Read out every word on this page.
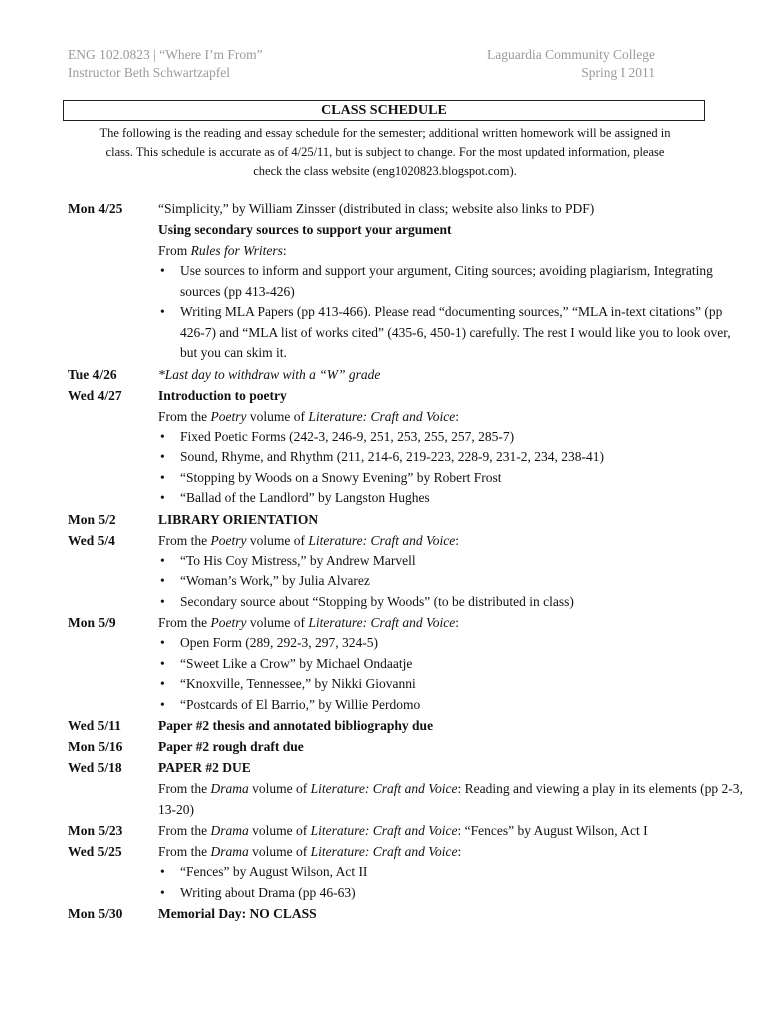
ENG 102.0823 | “Where I’m From”
Instructor Beth Schwartzapfel
Laguardia Community College
Spring I 2011
CLASS SCHEDULE
The following is the reading and essay schedule for the semester; additional written homework will be assigned in
class. This schedule is accurate as of 4/25/11, but is subject to change. For the most updated information, please
check the class website (eng1020823.blogspot.com).
Mon 4/25	“Simplicity,” by William Zinsser (distributed in class; website also links to PDF)
Using secondary sources to support your argument
From Rules for Writers:
• Use sources to inform and support your argument, Citing sources; avoiding plagiarism, Integrating sources (pp 413-426)
• Writing MLA Papers (pp 413-466). Please read “documenting sources,” “MLA in-text citations” (pp 426-7) and “MLA list of works cited” (435-6, 450-1) carefully. The rest I would like you to look over, but you can skim it.
Tue 4/26	*Last day to withdraw with a “W” grade
Wed 4/27	Introduction to poetry
From the Poetry volume of Literature: Craft and Voice:
• Fixed Poetic Forms (242-3, 246-9, 251, 253, 255, 257, 285-7)
• Sound, Rhyme, and Rhythm (211, 214-6, 219-223, 228-9, 231-2, 234, 238-41)
• “Stopping by Woods on a Snowy Evening” by Robert Frost
• “Ballad of the Landlord” by Langston Hughes
Mon 5/2	LIBRARY ORIENTATION
Wed 5/4	From the Poetry volume of Literature: Craft and Voice:
• “To His Coy Mistress,” by Andrew Marvell
• “Woman’s Work,” by Julia Alvarez
• Secondary source about “Stopping by Woods” (to be distributed in class)
Mon 5/9	From the Poetry volume of Literature: Craft and Voice:
• Open Form (289, 292-3, 297, 324-5)
• “Sweet Like a Crow” by Michael Ondaatje
• “Knoxville, Tennessee,” by Nikki Giovanni
• “Postcards of El Barrio,” by Willie Perdomo
Wed 5/11	Paper #2 thesis and annotated bibliography due
Mon 5/16	Paper #2 rough draft due
Wed 5/18	PAPER #2 DUE
From the Drama volume of Literature: Craft and Voice: Reading and viewing a play in its elements (pp 2-3, 13-20)
Mon 5/23	From the Drama volume of Literature: Craft and Voice: “Fences” by August Wilson, Act I
Wed 5/25	From the Drama volume of Literature: Craft and Voice:
• “Fences” by August Wilson, Act II
• Writing about Drama (pp 46-63)
Mon 5/30	Memorial Day: NO CLASS
